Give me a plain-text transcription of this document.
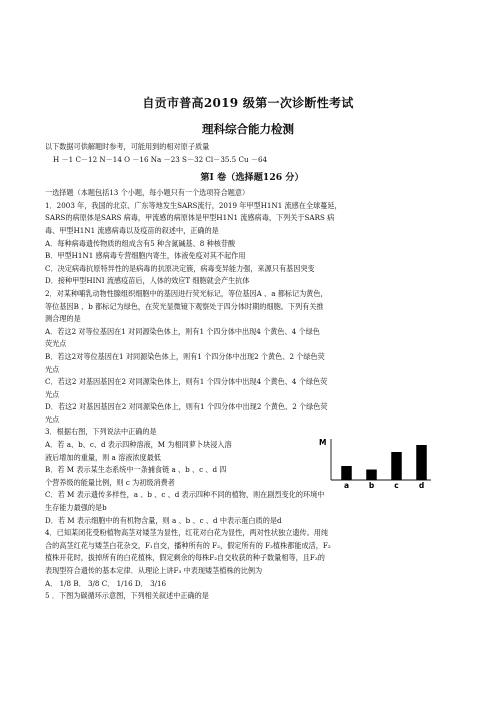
自贡市普高2019 级第一次诊断性考试
理科综合能力检测
以下数据可供解题时参考，可能用到的相对原子质量
H －1 C－12 N－14 O －16 Na －23 S－32 Cl－35.5 Cu －64
第Ⅰ 卷（选择题126 分）
一选择题（本题包括13 个小题，每小题只有一个选项符合题意）
1．2003 年，我国的北京、广东等地发生SARS流行，2019 年甲型H1N1 流感在全球蔓延，
SARS的病原体是SARS 病毒，甲流感的病原体是甲型H1N1 流感病毒，下列关于SARS 病
毒、甲型H1N1 流感病毒以及疫苗的叙述中，正确的是
A．每种病毒遗传物质的组成含有5 种含氮碱基、8 种核苷酸
B．甲型H1N1 感病毒专营细胞内寄生，体液免疫对其不起作用
C．决定病毒抗原特异性的是病毒的抗原决定簇，病毒变异能力强，来源只有基因突变
D．接种甲型HINI 流感疫苗后，人体的效应T 细胞就会产生抗体
2．对某种哺乳动物性腺组织细胞中的基因进行荧光标记，等位基因A 、a 都标记为黄色，
等位基因B 、b 都标记为绿色，在荧光显微镜下观察处于四分体时期的细胞。下列有关推
测合理的是
A．若这2 对等位基因在1 对同源染色体上，则有1 个四分体中出现4 个黄色、4 个绿色
荧光点
B．若这2对等位基因在1 对同源染色体上，则有1 个四分体中出现2 个黄色、2 个绿色荧
光点
C．若这2 对基因基因在2 对同源染色体上，则有1 个四分体中出现4 个黄色、4 个绿色荧
光点
D．若这2 对基因基因在2 对同源染色体上，则有1 个四分体中出现2 个黄色、2 个绿色荧
光点
3．根据右图，下列说法中正确的是
A．若 a、b、c、d 表示四种溶液，M 为相同萝卜块浸入溶
液后增加的重量，则 a 溶液浓度最低
B．若 M 表示某生态系统中一条捕食链 a 、b 、c 、d 四
个营养级的能量比例，则 c 为初级消费者
C．若 M 表示遗传多样性，a 、b 、c 、d 表示四种不同的植物，则在剧烈变化的环境中
生存能力最强的是b
D．若 M 表示细胞中的有机物含量，则 a 、b 、c 、d 中表示蛋白质的是d
4．已知某闭花受粉植物高茎对矮茎为显性，红花对白花为显性，两对性状独立遗传。用纯
合的高茎红花与矮茎白花杂交，F₁自交，播种所有的 F₂，假定所有的 F₂植株都能成活，F₂
植株开花时，拔掉所有的白花植株，假定剩余的每株F₂自交收获的种子数量相等，且F₃的
表现型符合遗传的基本定律．从理论上讲F₃ 中表现矮茎植株的比例为
A． 1/8 B． 3/8 C． 1/16 D． 3/16
5 ．下图为碳循环示意图，下列相关叙述中正确的是
M
a	b	c	d
